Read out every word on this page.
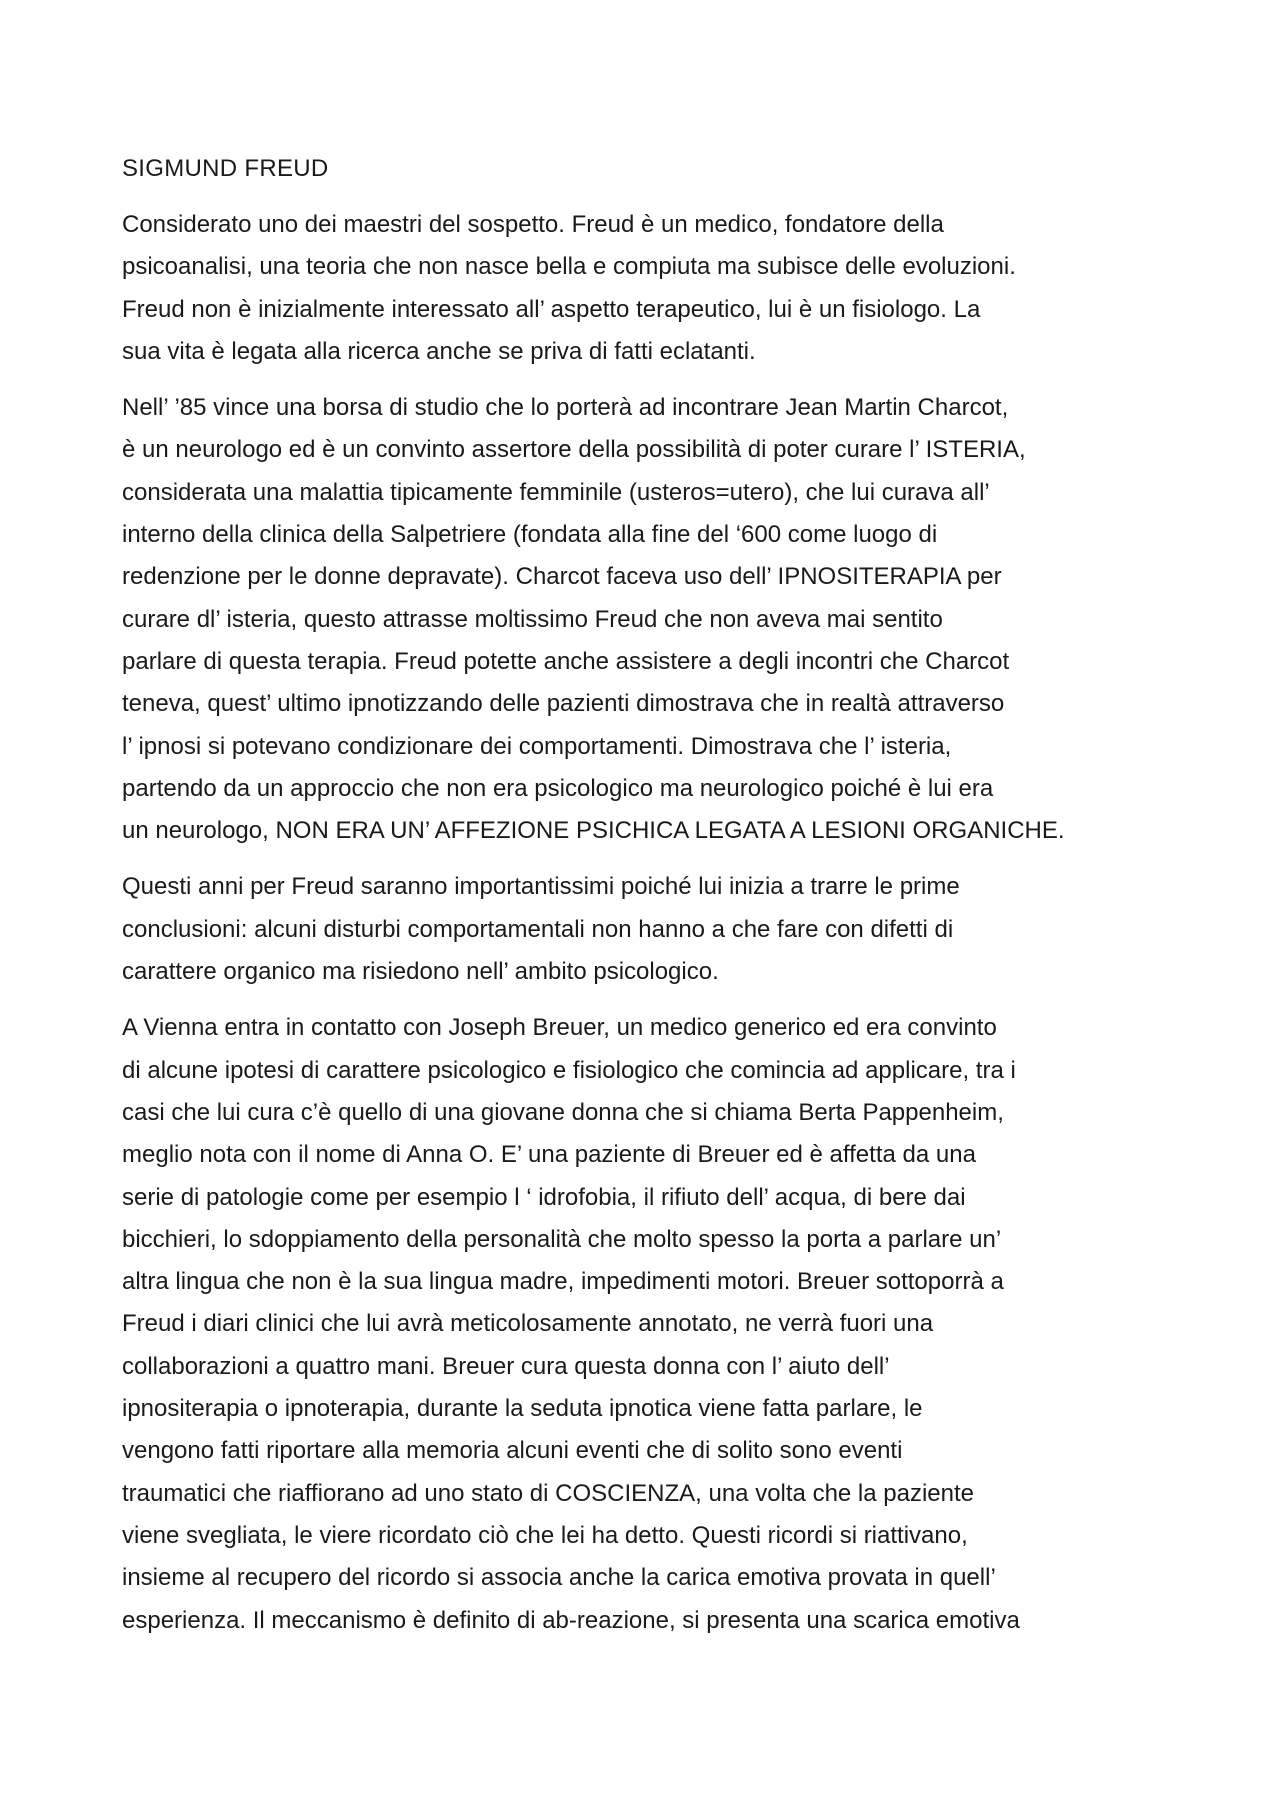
SIGMUND FREUD
Considerato uno dei maestri del sospetto. Freud è un medico, fondatore della
psicoanalisi, una teoria che non nasce bella e compiuta ma subisce delle evoluzioni.
Freud non è inizialmente interessato all’ aspetto terapeutico, lui è un fisiologo. La
sua vita è legata alla ricerca anche se priva di fatti eclatanti.
Nell’ ’85 vince una borsa di studio che lo porterà ad incontrare Jean Martin Charcot,
è un neurologo ed è un convinto assertore della possibilità di poter curare l’ ISTERIA,
considerata una malattia tipicamente femminile (usteros=utero), che lui curava all’
interno della clinica della Salpetriere (fondata alla fine del ‘600 come luogo di
redenzione per le donne depravate). Charcot faceva uso dell’ IPNOSITERAPIA per
curare dl’ isteria, questo attrasse moltissimo Freud che non aveva mai sentito
parlare di questa terapia. Freud potette anche assistere a degli incontri che Charcot
teneva, quest’ ultimo ipnotizzando delle pazienti dimostrava che in realtà attraverso
l’ ipnosi si potevano condizionare dei comportamenti. Dimostrava che l’ isteria,
partendo da un approccio che non era psicologico ma neurologico poiché è lui era
un neurologo, NON ERA UN’ AFFEZIONE PSICHICA LEGATA A LESIONI ORGANICHE.
Questi anni per Freud saranno importantissimi poiché lui inizia a trarre le prime
conclusioni: alcuni disturbi comportamentali non hanno a che fare con difetti di
carattere organico ma risiedono nell’ ambito psicologico.
A Vienna entra in contatto con Joseph Breuer, un medico generico ed era convinto
di alcune ipotesi di carattere psicologico e fisiologico che comincia ad applicare, tra i
casi che lui cura c’è quello di una giovane donna che si chiama Berta Pappenheim,
meglio nota con il nome di Anna O. E’ una paziente di Breuer ed è affetta da una
serie di patologie come per esempio l ‘ idrofobia, il rifiuto dell’ acqua, di bere dai
bicchieri, lo sdoppiamento della personalità che molto spesso la porta a parlare un’
altra lingua che non è la sua lingua madre, impedimenti motori. Breuer sottoporrà a
Freud i diari clinici che lui avrà meticolosamente annotato, ne verrà fuori una
collaborazioni a quattro mani. Breuer cura questa donna con l’ aiuto dell’
ipnositerapia o ipnoterapia, durante la seduta ipnotica viene fatta parlare, le
vengono fatti riportare alla memoria alcuni eventi che di solito sono eventi
traumatici che riaffiorano ad uno stato di COSCIENZA, una volta che la paziente
viene svegliata, le viere ricordato ciò che lei ha detto. Questi ricordi si riattivano,
insieme al recupero del ricordo si associa anche la carica emotiva provata in quell’
esperienza. Il meccanismo è definito di ab-reazione, si presenta una scarica emotiva
